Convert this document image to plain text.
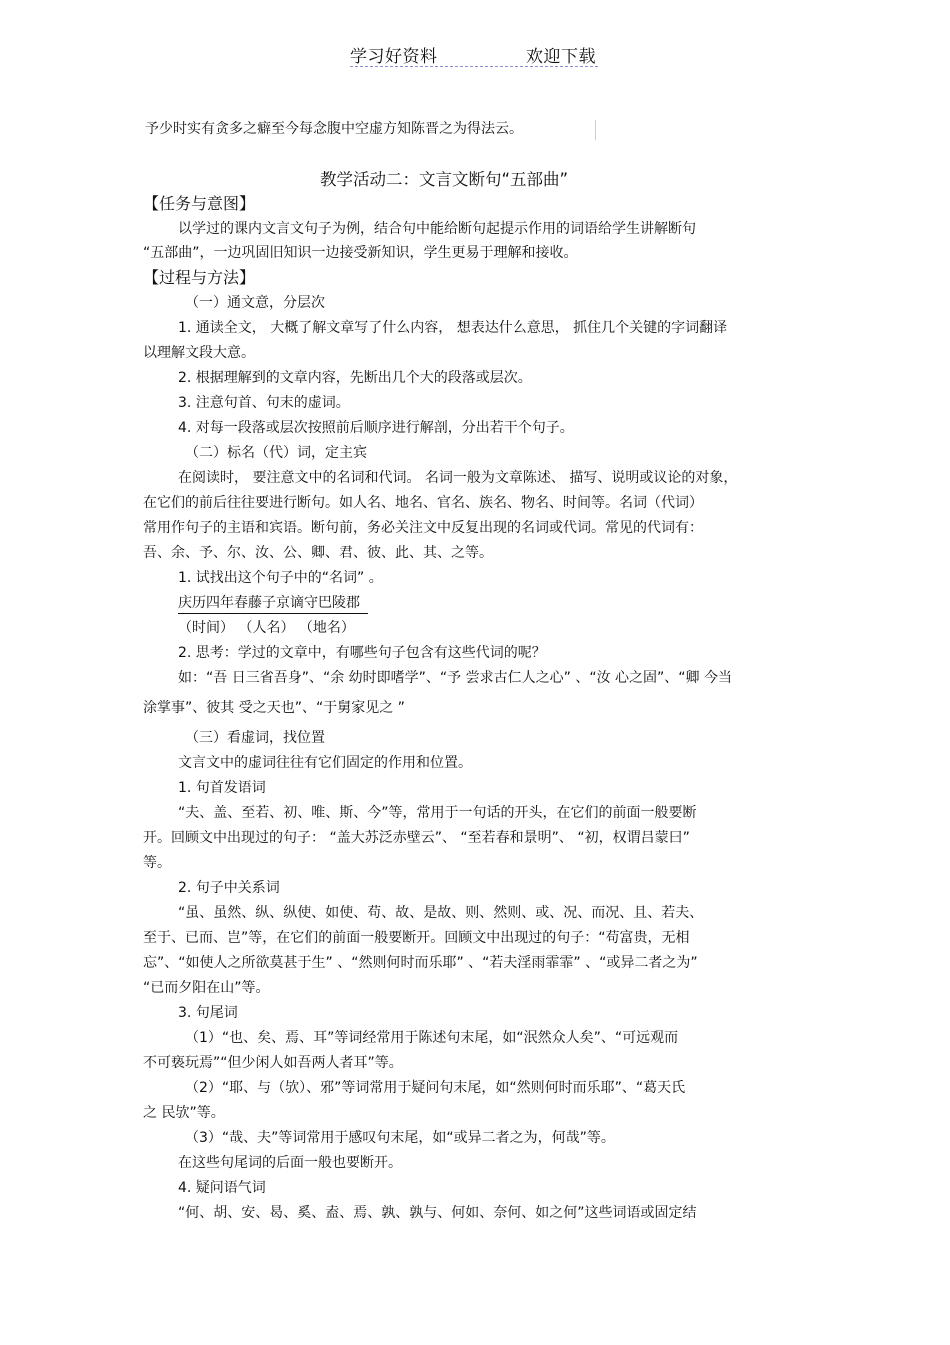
学习好资料	欢迎下载
予少时实有贪多之癖至今每念腹中空虚方知陈晋之为得法云。
教学活动二：文言文断句“五部曲”
【任务与意图】
以学过的课内文言文句子为例，结合句中能给断句起提示作用的词语给学生讲解断句
“五部曲”，一边巩固旧知识一边接受新知识，学生更易于理解和接收。
【过程与方法】
（一）通文意，分层次
1. 通读全文， 大概了解文章写了什么内容， 想表达什么意思， 抓住几个关键的字词翻译
以理解文段大意。
2. 根据理解到的文章内容，先断出几个大的段落或层次。
3. 注意句首、句末的虚词。
4. 对每一段落或层次按照前后顺序进行解剖，分出若干个句子。
（二）标名（代）词，定主宾
在阅读时， 要注意文中的名词和代词。 名词一般为文章陈述、 描写、说明或议论的对象，
在它们的前后往往要进行断句。如人名、地名、官名、族名、物名、时间等。名词（代词）
常用作句子的主语和宾语。断句前，务必关注文中反复出现的名词或代词。常见的代词有：
吾、余、予、尔、汝、公、卿、君、彼、此、其、之等。
1. 试找出这个句子中的“名词” 。
庆历四年春藤子京谪守巴陵郡
（时间） （人名） （地名）
2. 思考：学过的文章中，有哪些句子包含有这些代词的呢？
如：“吾 日三省吾身”、“余 幼时即嗜学”、“予 尝求古仁人之心” 、“汝 心之固”、“卿 今当
涂掌事”、彼其 受之天也”、“于舅家见之 ”
（三）看虚词，找位置
文言文中的虚词往往有它们固定的作用和位置。
1. 句首发语词
“夫、盖、至若、初、唯、斯、今”等，常用于一句话的开头，在它们的前面一般要断
开。回顾文中出现过的句子： “盖大苏泛赤壁云”、 “至若春和景明”、 “初，权谓吕蒙曰”
等。
2. 句子中关系词
“虽、虽然、纵、纵使、如使、苟、故、是故、则、然则、或、况、而况、且、若夫、
至于、已而、岂”等，在它们的前面一般要断开。回顾文中出现过的句子：“苟富贵，无相
忘”、“如使人之所欲莫甚于生” 、“然则何时而乐耶” 、“若夫淫雨霏霏” 、“或异二者之为”
“已而夕阳在山”等。
3. 句尾词
（1）“也、矣、焉、耳”等词经常用于陈述句末尾，如“泯然众人矣”、“可远观而
不可亵玩焉”“但少闲人如吾两人者耳”等。
（2）“耶、与（欤）、邪”等词常用于疑问句末尾，如“然则何时而乐耶”、“葛天氏
之 民欤”等。
（3）“哉、夫”等词常用于感叹句末尾，如“或异二者之为，何哉”等。
在这些句尾词的后面一般也要断开。
4. 疑问语气词
“何、胡、安、曷、奚、盍、焉、孰、孰与、何如、奈何、如之何”这些词语或固定结
